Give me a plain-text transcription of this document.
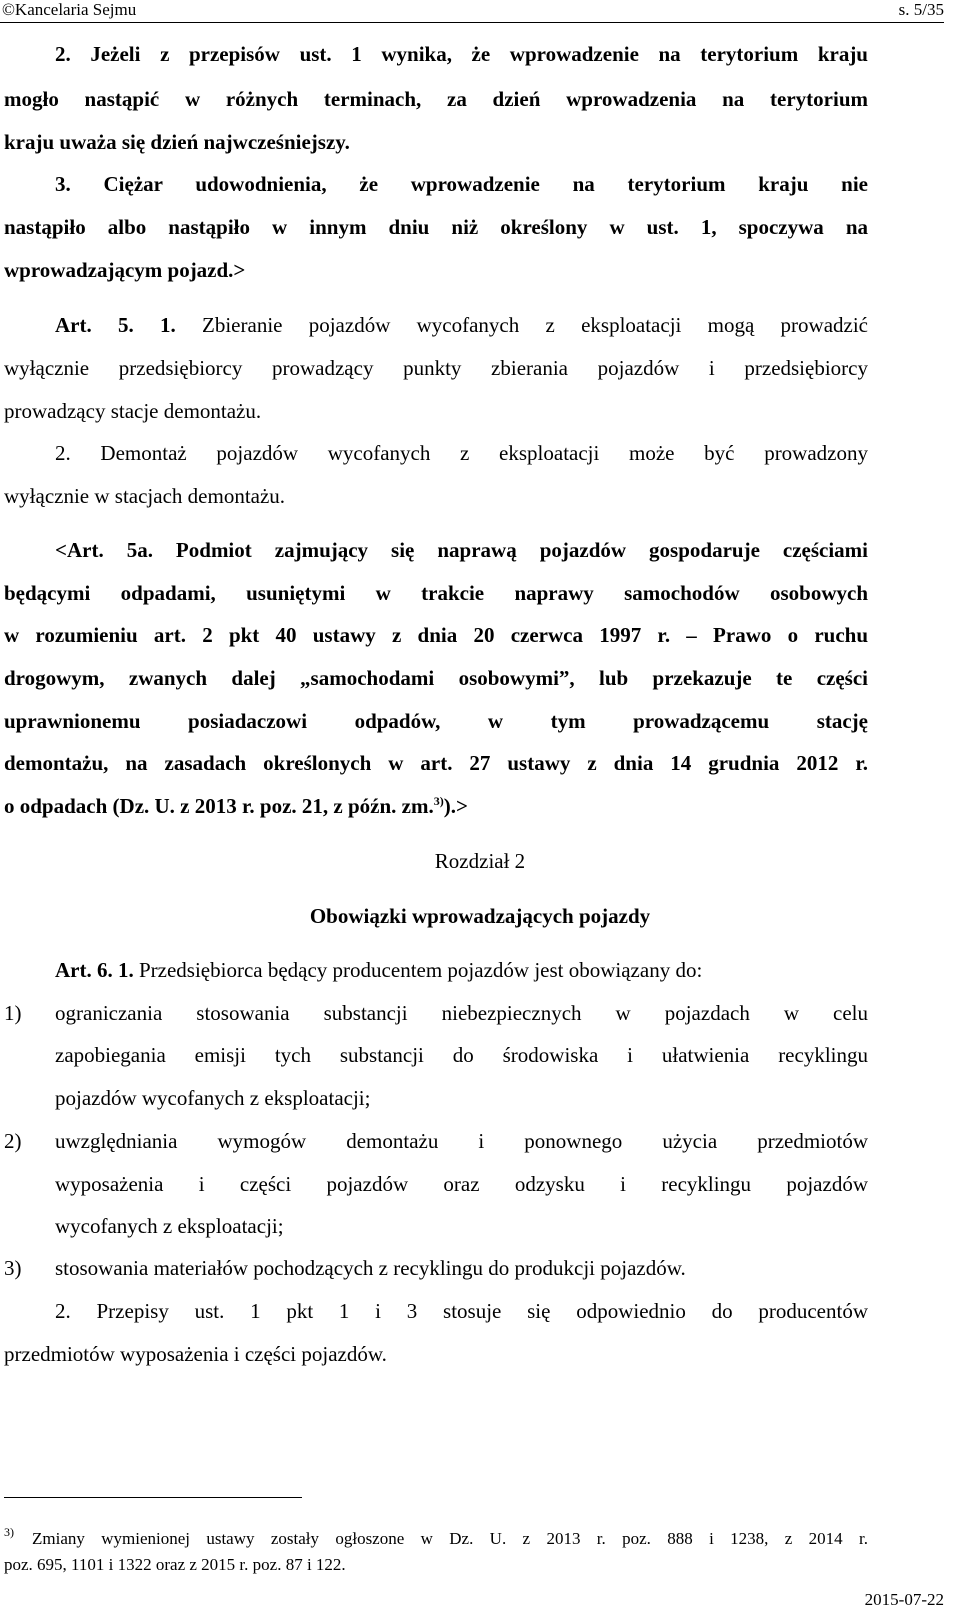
©Kancelaria Sejmu	s. 5/35
2. Jeżeli z przepisów ust. 1 wynika, że wprowadzenie na terytorium kraju
mogło nastąpić w różnych terminach, za dzień wprowadzenia na terytorium
kraju uważa się dzień najwcześniejszy.
3. Ciężar udowodnienia, że wprowadzenie na terytorium kraju nie
nastąpiło albo nastąpiło w innym dniu niż określony w ust. 1, spoczywa na
wprowadzającym pojazd.>
Art. 5. 1. Zbieranie pojazdów wycofanych z eksploatacji mogą prowadzić
wyłącznie przedsiębiorcy prowadzący punkty zbierania pojazdów i przedsiębiorcy
prowadzący stacje demontażu.
2. Demontaż pojazdów wycofanych z eksploatacji może być prowadzony
wyłącznie w stacjach demontażu.
<Art. 5a. Podmiot zajmujący się naprawą pojazdów gospodaruje częściami
będącymi odpadami, usuniętymi w trakcie naprawy samochodów osobowych
w rozumieniu art. 2 pkt 40 ustawy z dnia 20 czerwca 1997 r. – Prawo o ruchu
drogowym, zwanych dalej „samochodami osobowymi”, lub przekazuje te części
uprawnionemu posiadaczowi odpadów, w tym prowadzącemu stację
demontażu, na zasadach określonych w art. 27 ustawy z dnia 14 grudnia 2012 r.
o odpadach (Dz. U. z 2013 r. poz. 21, z późn. zm.$^{3)}$).>
Rozdział 2
Obowiązki wprowadzających pojazdy
Art. 6. 1. Przedsiębiorca będący producentem pojazdów jest obowiązany do:
1) ograniczania stosowania substancji niebezpiecznych w pojazdach w celu
zapobiegania emisji tych substancji do środowiska i ułatwienia recyklingu
pojazdów wycofanych z eksploatacji;
2) uwzględniania wymogów demontażu i ponownego użycia przedmiotów
wyposażenia i części pojazdów oraz odzysku i recyklingu pojazdów
wycofanych z eksploatacji;
3) stosowania materiałów pochodzących z recyklingu do produkcji pojazdów.
2. Przepisy ust. 1 pkt 1 i 3 stosuje się odpowiednio do producentów
przedmiotów wyposażenia i części pojazdów.
3) Zmiany wymienionej ustawy zostały ogłoszone w Dz. U. z 2013 r. poz. 888 i 1238, z 2014 r.
poz. 695, 1101 i 1322 oraz z 2015 r. poz. 87 i 122.
2015-07-22
